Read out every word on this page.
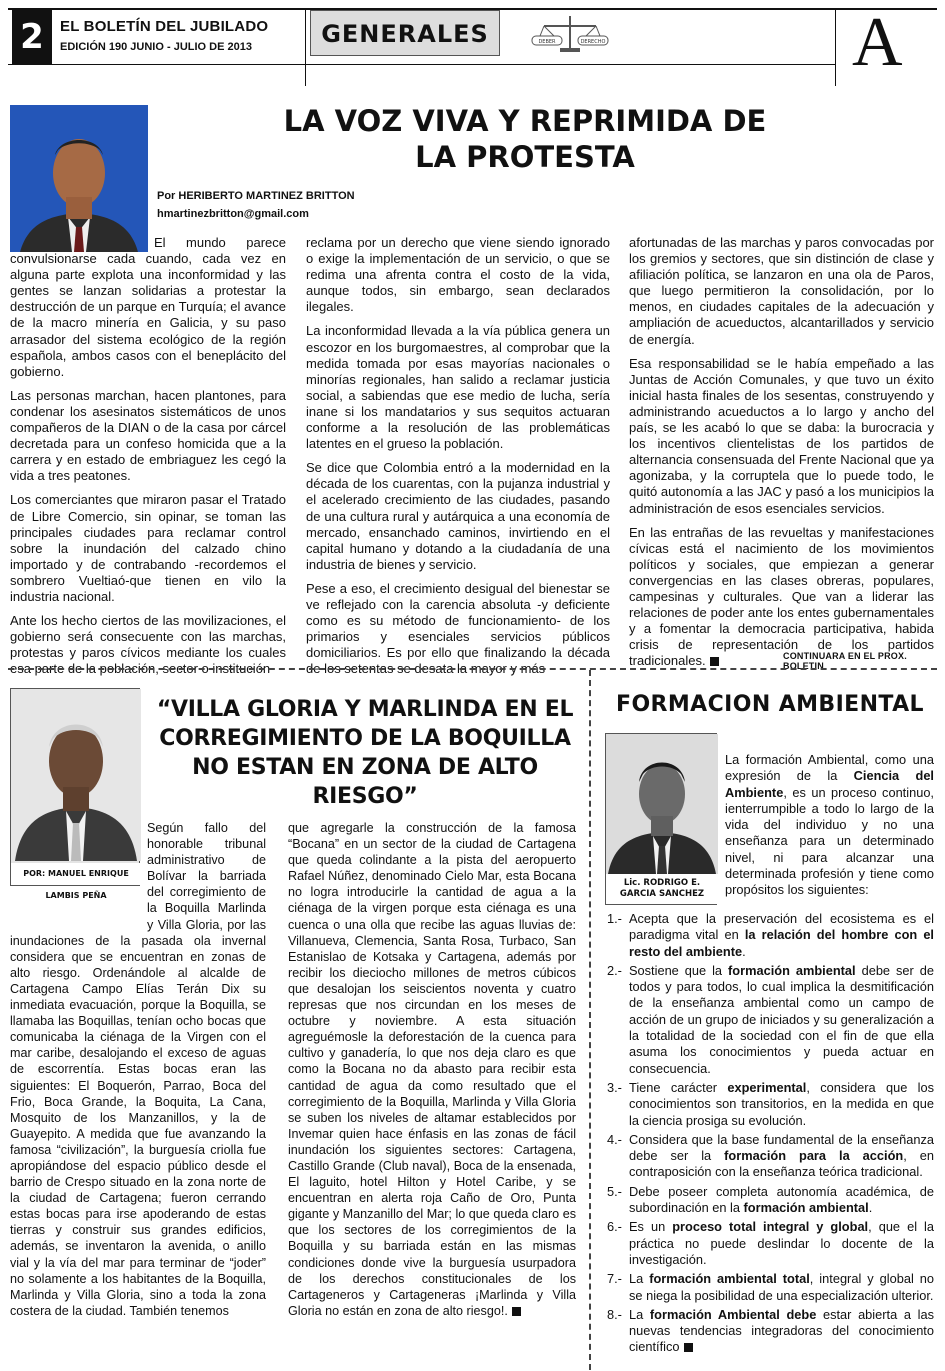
2	EL BOLETÍN DEL JUBILADO
EDICIÓN 190 JUNIO - JULIO DE 2013	GENERALES	DEBER	DERECHO	A
LA VOZ VIVA Y REPRIMIDA DE
LA PROTESTA
Por HERIBERTO MARTINEZ BRITTON
hmartinezbritton@gmail.com

El mundo parece convulsionarse cada cuando, cada vez en alguna parte explota una inconformidad y las gentes se lanzan solidarias a protestar la destrucción de un parque en Turquía; el avance de la macro minería en Galicia, y su paso arrasador del sistema ecológico de la región española, ambos casos con el beneplácito del gobierno.

Las personas marchan, hacen plantones, para condenar los asesinatos sistemáticos de unos compañeros de la DIAN o de la casa por cárcel decretada para un confeso homicida que a la carrera y en estado de embriaguez les cegó la vida a tres peatones.

Los comerciantes que miraron pasar el Tratado de Libre Comercio, sin opinar, se toman las principales ciudades para reclamar control sobre la inundación del calzado chino importado y de contrabando -recordemos el sombrero Vueltiaó-que tienen en vilo la industria nacional.

Ante los hecho ciertos de las movilizaciones, el gobierno será consecuente con las marchas, protestas y paros cívicos mediante los cuales esa parte de la población, sector o institución

reclama por un derecho que viene siendo ignorado o exige la implementación de un servicio, o que se redima una afrenta contra el costo de la vida, aunque todos, sin embargo, sean declarados ilegales.

La inconformidad llevada a la vía pública genera un escozor en los burgomaestres, al comprobar que la medida tomada por esas mayorías nacionales o minorías regionales, han salido a reclamar justicia social, a sabiendas que ese medio de lucha, sería inane si los mandatarios y sus sequitos actuaran conforme a la resolución de las problemáticas latentes en el grueso la población.

Se dice que Colombia entró a la modernidad en la década de los cuarentas, con la pujanza industrial y el acelerado crecimiento de las ciudades, pasando de una cultura rural y autárquica a una economía de mercado, ensanchado caminos, invirtiendo en el capital humano y dotando a la ciudadanía de una industria de bienes y servicio.

Pese a eso, el crecimiento desigual del bienestar se ve reflejado con la carencia absoluta -y deficiente como es su método de funcionamiento- de los primarios y esenciales servicios públicos domiciliarios. Es por ello que finalizando la década de los setentas se desata la mayor y más

afortunadas de las marchas y paros convocadas por los gremios y sectores, que sin distinción de clase y afiliación política, se lanzaron en una ola de Paros, que luego permitieron la consolidación, por lo menos, en ciudades capitales de la adecuación y ampliación de acueductos, alcantarillados y servicio de energía.

Esa responsabilidad se le había empeñado a las Juntas de Acción Comunales, y que tuvo un éxito inicial hasta finales de los sesentas, construyendo y administrando acueductos a lo largo y ancho del país, se les acabó lo que se daba: la burocracia y los incentivos clientelistas de los partidos de alternancia consensuada del Frente Nacional que ya agonizaba, y la corruptela que lo puede todo, le quitó autonomía a las JAC y pasó a los municipios la administración de esos esenciales servicios.

En las entrañas de las revueltas y manifestaciones cívicas está el nacimiento de los movimientos políticos y sociales, que empiezan a generar convergencias en las clases obreras, populares, campesinas y culturales. Que van a liderar las relaciones de poder ante los entes gubernamentales y a fomentar la democracia participativa, habida crisis de representación de los partidos tradicionales.	CONTINUARA EN EL PROX. BOLETIN
POR: MANUEL ENRIQUE LAMBIS PEÑA
“VILLA GLORIA Y MARLINDA EN EL
CORREGIMIENTO DE LA BOQUILLA
NO ESTAN EN ZONA DE ALTO RIESGO”
Según fallo del honorable tribunal administrativo de Bolívar la barriada del corregimiento de la Boquilla Marlinda y Villa Gloria, por las inundaciones de la pasada ola invernal considera que se encuentran en zonas de alto riesgo. Ordenándole al alcalde de Cartagena Campo Elías Terán Dix su inmediata evacuación, porque la Boquilla, se llamaba las Boquillas, tenían ocho bocas que comunicaba la ciénaga de la Virgen con el mar caribe, desalojando el exceso de aguas de escorrentía. Estas bocas eran las siguientes: El Boquerón, Parrao, Boca del Frio, Boca Grande, la Boquita, La Cana, Mosquito de los Manzanillos, y la de Guayepito. A medida que fue avanzando la famosa “civilización”, la burguesía criolla fue apropiándose del espacio público desde el barrio de Crespo situado en la zona norte de la ciudad de Cartagena; fueron cerrando estas bocas para irse apoderando de estas tierras y construir sus grandes edificios, además, se inventaron la avenida, o anillo vial y la vía del mar para terminar de “joder” no solamente a los habitantes de la Boquilla, Marlinda y Villa Gloria, sino a toda la zona costera de la ciudad. También tenemos
que agregarle la construcción de la famosa “Bocana” en un sector de la ciudad de Cartagena que queda colindante a la pista del aeropuerto Rafael Núñez, denominado Cielo Mar, esta Bocana no logra introducirle la cantidad de agua a la ciénaga de la virgen porque esta ciénaga es una cuenca o una olla que recibe las aguas lluvias de: Villanueva, Clemencia, Santa Rosa, Turbaco, San Estanislao de Kotsaka y Cartagena, además por recibir los dieciocho millones de metros cúbicos que desalojan los seiscientos noventa y cuatro represas que nos circundan en los meses de octubre y noviembre. A esta situación agreguémosle la deforestación de la cuenca para cultivo y ganadería, lo que nos deja claro es que como la Bocana no da abasto para recibir esta cantidad de agua da como resultado que el corregimiento de la Boquilla, Marlinda y Villa Gloria se suben los niveles de altamar establecidos por Invemar quien hace énfasis en las zonas de fácil inundación los siguientes sectores: Cartagena, Castillo Grande (Club naval), Boca de la ensenada, El laguito, hotel Hilton y Hotel Caribe, y se encuentran en alerta roja Caño de Oro, Punta gigante y Manzanillo del Mar; lo que queda claro es que los sectores de los corregimientos de la Boquilla y su barriada están en las mismas condiciones donde vive la burguesía usurpadora de los derechos constitucionales de los Cartageneros y Cartageneras ¡Marlinda y Villa Gloria no están en zona de alto riesgo!.
FORMACION AMBIENTAL
Lic. RODRIGO E.
GARCIA SANCHEZ
La formación Ambiental, como una expresión de la Ciencia del Ambiente, es un proceso continuo, ienterrumpible a todo lo largo de la vida del individuo y no una enseñanza para un determinado nivel, ni para alcanzar una determinada profesión y tiene como propósitos los siguientes:
1.- Acepta que la preservación del ecosistema es el paradigma vital en la relación del hombre con el resto del ambiente.
2.- Sostiene que la formación ambiental debe ser de todos y para todos, lo cual implica la desmitificación de la enseñanza ambiental como un campo de acción de un grupo de iniciados y su generalización a la totalidad de la sociedad con el fin de que ella asuma los conocimientos y pueda actuar en consecuencia.
3.- Tiene carácter experimental, considera que los conocimientos son transitorios, en la medida en que la ciencia prosiga su evolución.
4.- Considera que la base fundamental de la enseñanza debe ser la formación para la acción, en contraposición con la enseñanza teórica tradicional.
5.- Debe poseer completa autonomía académica, de subordinación en la formación ambiental.
6.- Es un proceso total integral y global, que el la práctica no puede deslindar lo docente de la investigación.
7.- La formación ambiental total, integral y global no se niega la posibilidad de una especialización ulterior.
8.- La formación Ambiental debe estar abierta a las nuevas tendencias integradoras del conocimiento científico
